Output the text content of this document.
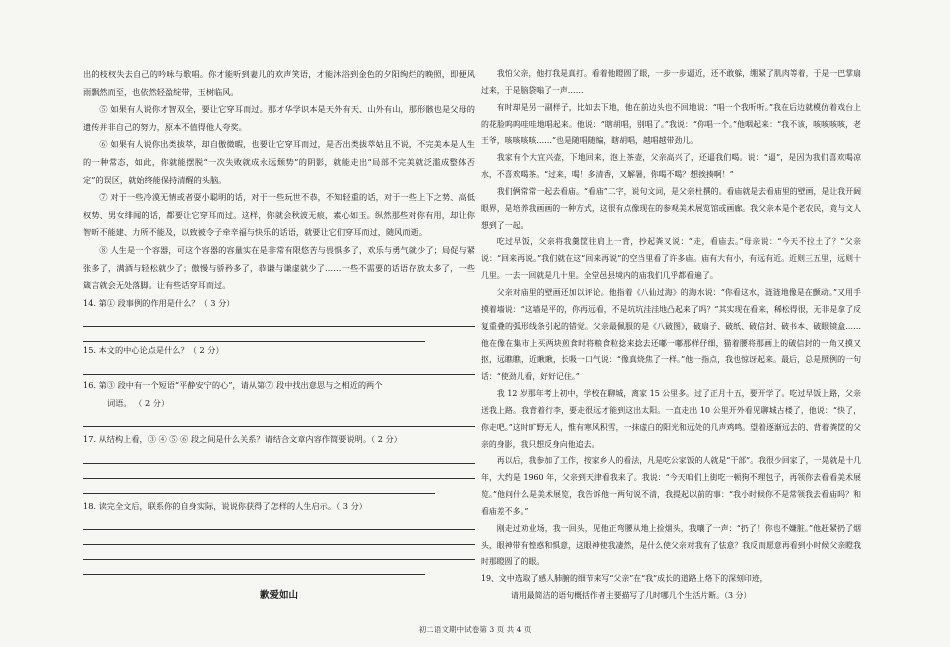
出的枝杈失去自己的吟咏与歌唱。你才能听到妻儿的欢声笑语，才能沐浴到金色的夕阳绚烂的晚照，即便风雨飘然而至，也依然轻盈绽带，玉树临风。

⑤ 如果有人说你才智双全，要让它穿耳而过。那才华学识本是天外有天、山外有山，那形骸也是父母的遗传并非自己的努力，原本不值得他人夸奖。

⑥ 如果有人说你出类拔萃，却自傲微暇，也要让它穿耳而过，是否出类拔萃姑且不说，不完美本是人生的一种常态，如此，你就能摆脱“一次失败就成永远颓势”的阴影，就能走出“局部不完美就泛滥成整体否定”的误区，就始终能保持清醒的头脑。

⑦ 对于一些冷漠无情或者耍小聪明的话，对于一些玩世不恭，不知轻重的话，对于一些上下之势、高低权势、男女绯闻的话，都要让它穿耳而过。这样，你就会秋波无痕，素心如玉。纵然那些对你有用，却让你智昕不能建、力所不能及，以致被令子牵辛福与快乐的话语，就要让它们穿耳而过，随风而逝。

⑧ 人生是一个容器，可这个容器的容量实在是非常有限悠苦与畏惧多了，欢乐与勇气就少了；局促与紧张多了，满酒与轻松就少了；傲慢与骄矜多了，恭谦与谦虚就少了……一些不需要的话语存放太多了，一些箴言就会无处落脚。让有些话穿耳而过。

14. 第① 段事例的作用是什么？（ 3 分）

15. 本文的中心论点是什么？（ 2 分）

16. 第③ 段中有一个短语“平静安宁的心”，请从第⑦ 段中找出意思与之相近的两个

词语。 （ 2 分）

17. 从结构上看，③ ④ ⑤ ⑥ 段之间是什么关系？请结合文章内容作简要说明。（ 2 分）

18. 读完全文后，联系你的自身实际，说说你获得了怎样的人生启示。（ 3 分）

歉爱如山

我怕父亲，他打我是真打。看着他瞪圆了眼，一步一步逼近，还不敢躲，绷紧了肌肉等着，于是一巴掌扇过来，于是脑袋嗡了一声……

有时却是另一副样子，比如去下地，他在前边头也不回地说：“唱一个我听听。”我在后边就模仿着戏台上的花脸呜呜哇哇地唱起来。他说：“瞎胡唱，别唱了。”我说：“你唱一个。”他咽起来：“我不该，咳咳咳咳，老王爷，咳咳咳咳……”也是随唱随编，瞎胡唱，越唱越带劲儿。

我家有个大宜兴壶，下地回来，泡上茶壶，父亲高兴了，还逼我们喝。说：“逼”，是因为我们喜欢喝凉水，不喜欢喝茶。“过来，喝！多清香，又解暑，你喝不喝？想挨揍啊！”

我们俩常常一起去看庙。“看庙”二字，说句文词，是父亲杜撰的。看庙就是去看庙里的壁画，是让我开阔眼界，是培养我画画的一种方式，这很有点像现在的参观美术展览馆或画廊。我父亲本是个老农民，竟与文人想到了一起。

吃过早饭，父亲将我羹筐往肩上一背，抄起粪叉说：“走，看庙去。”母亲说：“今天不拉土了？”父亲说：“回来再说。”我们就在这“回来再说”的空当里看了许多庙。庙有大有小，有远有近。近则三五里，远则十几里。一去一回就是几十里。全堂邑县境内的庙我们几乎都看遍了。

父亲对庙里的壁画还加以评论。他指着《八仙过海》的海水说：“你看这水，涟涟地像是在颤动。”又用手摸着墙说：“这墙是平的，你再远看，不是坑坑洼洼地凸起来了吗？”其实现在看来，稀松得很，无非是拿了反复重叠的弧形线条引起的错觉。父亲最佩服的是《八破图》，破扇子、破纸、破信封、破书本、破眼镜盒……他在像在集市上买两块煎食时将粮食粒捻来捻去还嘟一嘟那样仔细，猫着腰将那画上的破信封的一角又摸又抠，远瞧瞧，近瞅瞅，长吸一口气说：“像真烧焦了一样。”他一指点，我也惊讶起来。最后，总是照例的一句话：“使劲儿看，好好记住。”

我 12 岁那年考上初中，学校在聊城，离家 15 公里多。过了正月十五，要开学了。吃过早饭上路，父亲送我上路。我背着行李，要走很远才能到这出太阳。一直走出 10 公里开外看见聊城古楼了，他说：“快了，你走吧。”这时旷野无人，惟有寒风积雪，一抹虚白的阳光和远处的几声鸡鸣。望着逐渐远去的、背着粪筐的父亲的身影，我只想反身向他追去。

再以后，我参加了工作，按家乡人的看法，凡是吃公家饭的人就是“干部”。我很少回家了，一晃就是十几年，大约是 1960 年，父亲到天津看我来了。我说：“今天咱们上街吃一顿狗不理包子，再领你去看看美术展览。”他问什么是美术展览，我告诉他一两句说不清，我提起以前的事：“我小时候你不是常领我去看庙吗？和看庙差不多。”

刚走过劝业场，我一回头，见他正弯腰从地上捡烟头，我嚷了一声：“扔了！你也不嫌脏。”他赶紧扔了烟头，眼神带有惶惑和惧意，这眼神使我凄然，是什么使父亲对我有了怯意？我反而愿意再看到小时候父亲瞪我时那瞪圆了的眼。

19、文中选取了感人肺腑的细节来写“父亲”在“我”成长的道路上烙下的深刻印迹，

请用最简洁的语句概括作者主要描写了几时哪几个生活片断。（3 分）

初二语文期中试卷第 3 页 共 4 页
